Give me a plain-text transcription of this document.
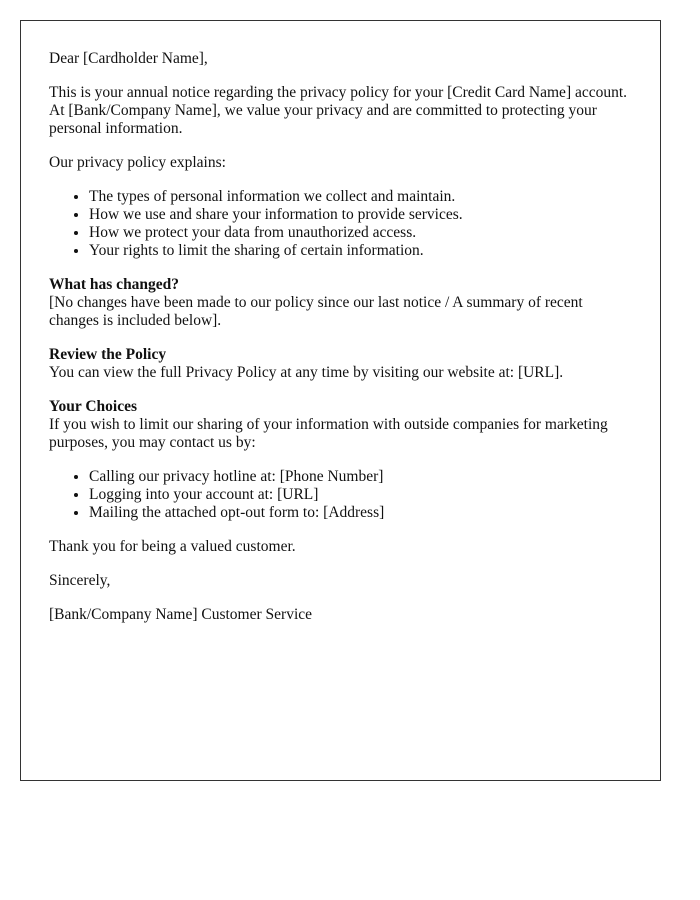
Dear [Cardholder Name],

This is your annual notice regarding the privacy policy for your [Credit Card Name] account. At [Bank/Company Name], we value your privacy and are committed to protecting your personal information.

Our privacy policy explains:

• The types of personal information we collect and maintain.
• How we use and share your information to provide services.
• How we protect your data from unauthorized access.
• Your rights to limit the sharing of certain information.

What has changed?
[No changes have been made to our policy since our last notice / A summary of recent changes is included below].

Review the Policy
You can view the full Privacy Policy at any time by visiting our website at: [URL].

Your Choices
If you wish to limit our sharing of your information with outside companies for marketing purposes, you may contact us by:

• Calling our privacy hotline at: [Phone Number]
• Logging into your account at: [URL]
• Mailing the attached opt-out form to: [Address]

Thank you for being a valued customer.

Sincerely,

[Bank/Company Name] Customer Service
